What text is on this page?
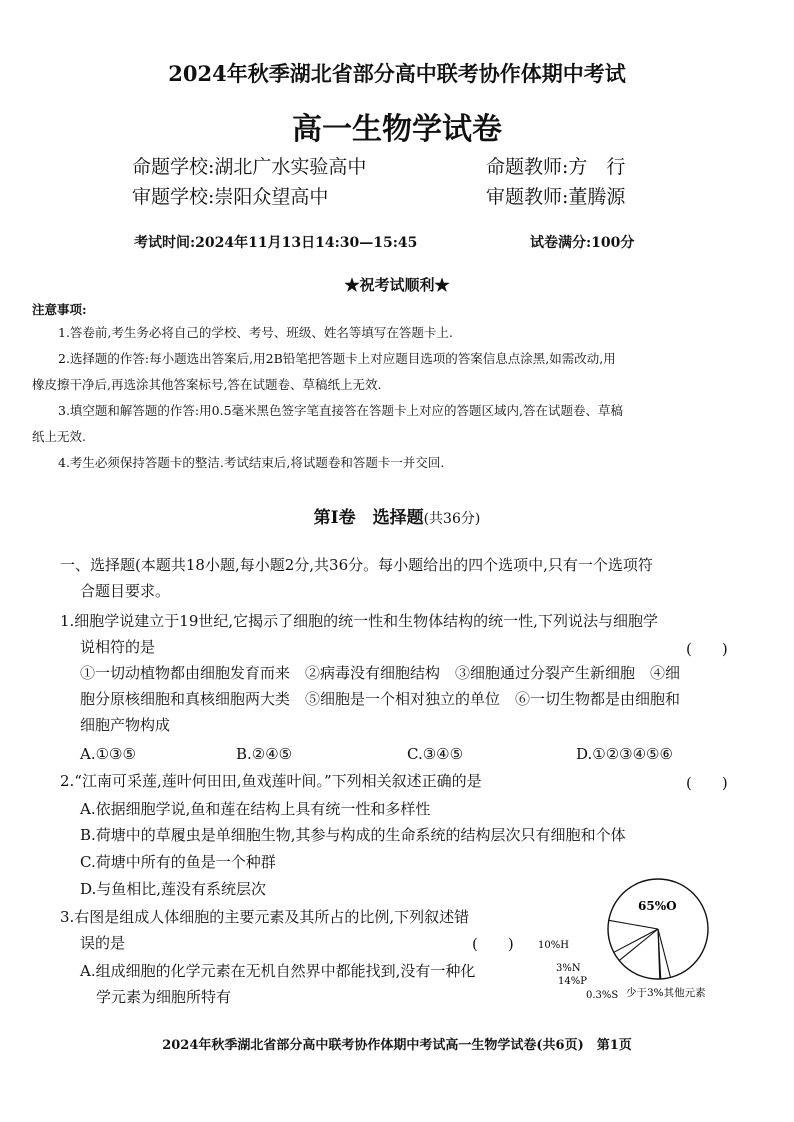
2024年秋季湖北省部分高中联考协作体期中考试
高一生物学试卷
命题学校:湖北广水实验高中	命题教师:方　行
审题学校:崇阳众望高中	审题教师:董腾源
考试时间:2024年11月13日14:30—15:45	试卷满分:100分
★祝考试顺利★
注意事项:
1.答卷前,考生务必将自己的学校、考号、班级、姓名等填写在答题卡上.
2.选择题的作答:每小题选出答案后,用2B铅笔把答题卡上对应题目选项的答案信息点涂黑,如需改动,用
橡皮擦干净后,再选涂其他答案标号,答在试题卷、草稿纸上无效.
3.填空题和解答题的作答:用0.5毫米黑色签字笔直接答在答题卡上对应的答题区域内,答在试题卷、草稿
纸上无效.
4.考生必须保持答题卡的整洁.考试结束后,将试题卷和答题卡一并交回.
第Ⅰ卷　选择题(共36分)
一、选择题(本题共18小题,每小题2分,共36分。每小题给出的四个选项中,只有一个选项符
合题目要求。
1.细胞学说建立于19世纪,它揭示了细胞的统一性和生物体结构的统一性,下列说法与细胞学
说相符的是	(　　)
①一切动植物都由细胞发育而来　②病毒没有细胞结构　③细胞通过分裂产生新细胞　④细
胞分原核细胞和真核细胞两大类　⑤细胞是一个相对独立的单位　⑥一切生物都是由细胞和
细胞产物构成
A.①③⑤	B.②④⑤	C.③④⑤	D.①②③④⑤⑥
2.“江南可采莲,莲叶何田田,鱼戏莲叶间。”下列相关叙述正确的是	(　　)
A.依据细胞学说,鱼和莲在结构上具有统一性和多样性
B.荷塘中的草履虫是单细胞生物,其参与构成的生命系统的结构层次只有细胞和个体
C.荷塘中所有的鱼是一个种群
D.与鱼相比,莲没有系统层次
3.右图是组成人体细胞的主要元素及其所占的比例,下列叙述错
误的是	(　　)
A.组成细胞的化学元素在无机自然界中都能找到,没有一种化
学元素为细胞所特有
65%O
10%H
3%N
14%P
0.3%S 少于3%其他元素
2024年秋季湖北省部分高中联考协作体期中考试高一生物学试卷(共6页)　第1页
